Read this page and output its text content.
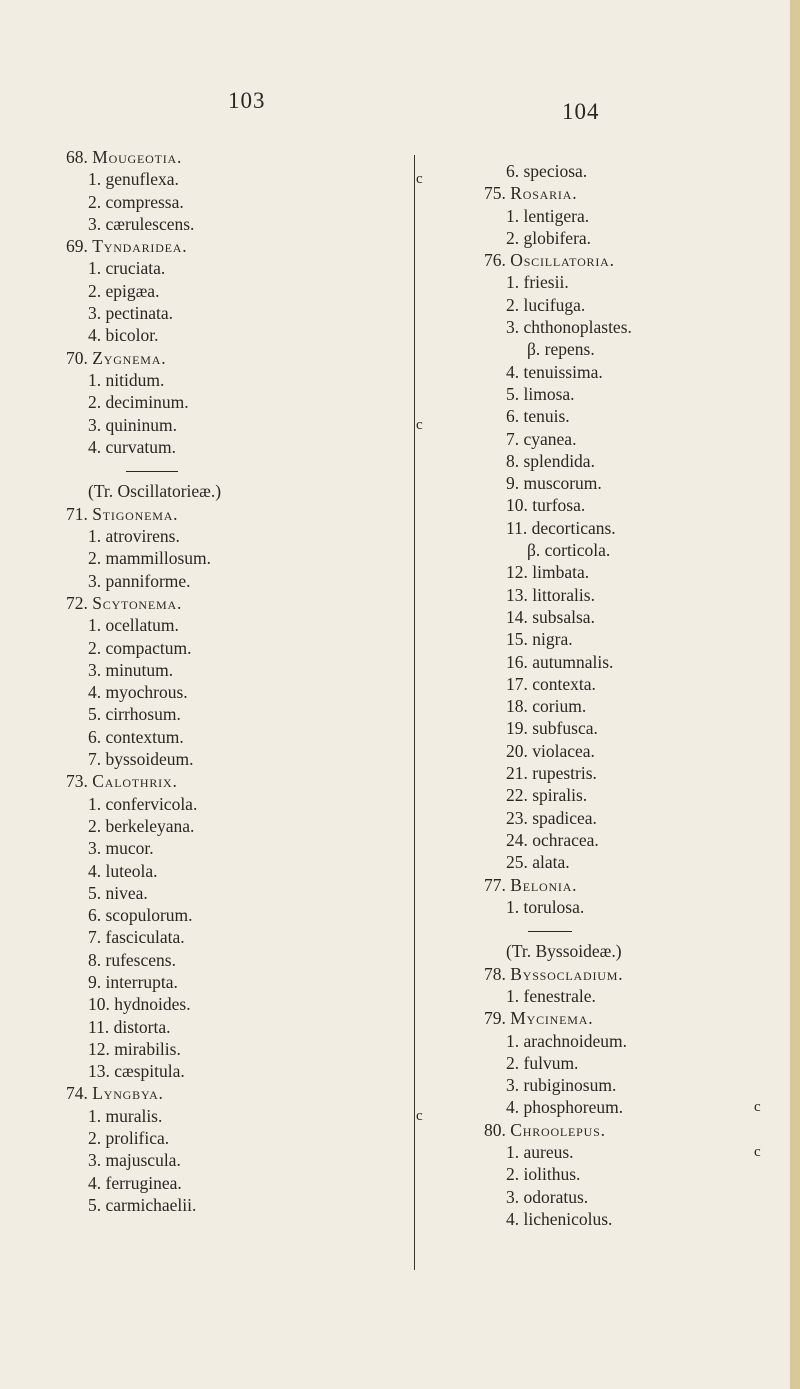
103	104
68. Mougeotia.
1. genuflexa.	c
2. compressa.
3. cærulescens.
69. Tyndaridea.
1. cruciata.
2. epigæa.
3. pectinata.
4. bicolor.
70. Zygnema.
1. nitidum.
2. deciminum.
3. quininum.	c
4. curvatum.
(Tr. Oscillatorieæ.)
71. Stigonema.
1. atrovirens.
2. mammillosum.
3. panniforme.
72. Scytonema.
1. ocellatum.
2. compactum.
3. minutum.
4. myochrous.
5. cirrhosum.
6. contextum.
7. byssoideum.
73. Calothrix.
1. confervicola.
2. berkeleyana.
3. mucor.
4. luteola.
5. nivea.
6. scopulorum.
7. fasciculata.
8. rufescens.
9. interrupta.
10. hydnoides.
11. distorta.
12. mirabilis.
13. cæspitula.
74. Lyngbya.
1. muralis.	c
2. prolifica.
3. majuscula.
4. ferruginea.
5. carmichaelii.
6. speciosa.
75. Rosaria.
1. lentigera.
2. globifera.
76. Oscillatoria.
1. friesii.
2. lucifuga.
3. chthonoplastes.
β. repens.
4. tenuissima.
5. limosa.
6. tenuis.
7. cyanea.
8. splendida.
9. muscorum.
10. turfosa.
11. decorticans.
β. corticola.
12. limbata.
13. littoralis.
14. subsalsa.
15. nigra.
16. autumnalis.
17. contexta.
18. corium.
19. subfusca.
20. violacea.
21. rupestris.
22. spiralis.
23. spadicea.
24. ochracea.
25. alata.
77. Belonia.
1. torulosa.
(Tr. Byssoideæ.)
78. Byssocladium.
1. fenestrale.
79. Mycinema.
1. arachnoideum.
2. fulvum.
3. rubiginosum.
4. phosphoreum.	c
80. Chroolepus.
1. aureus.	c
2. iolithus.
3. odoratus.
4. lichenicolus.
